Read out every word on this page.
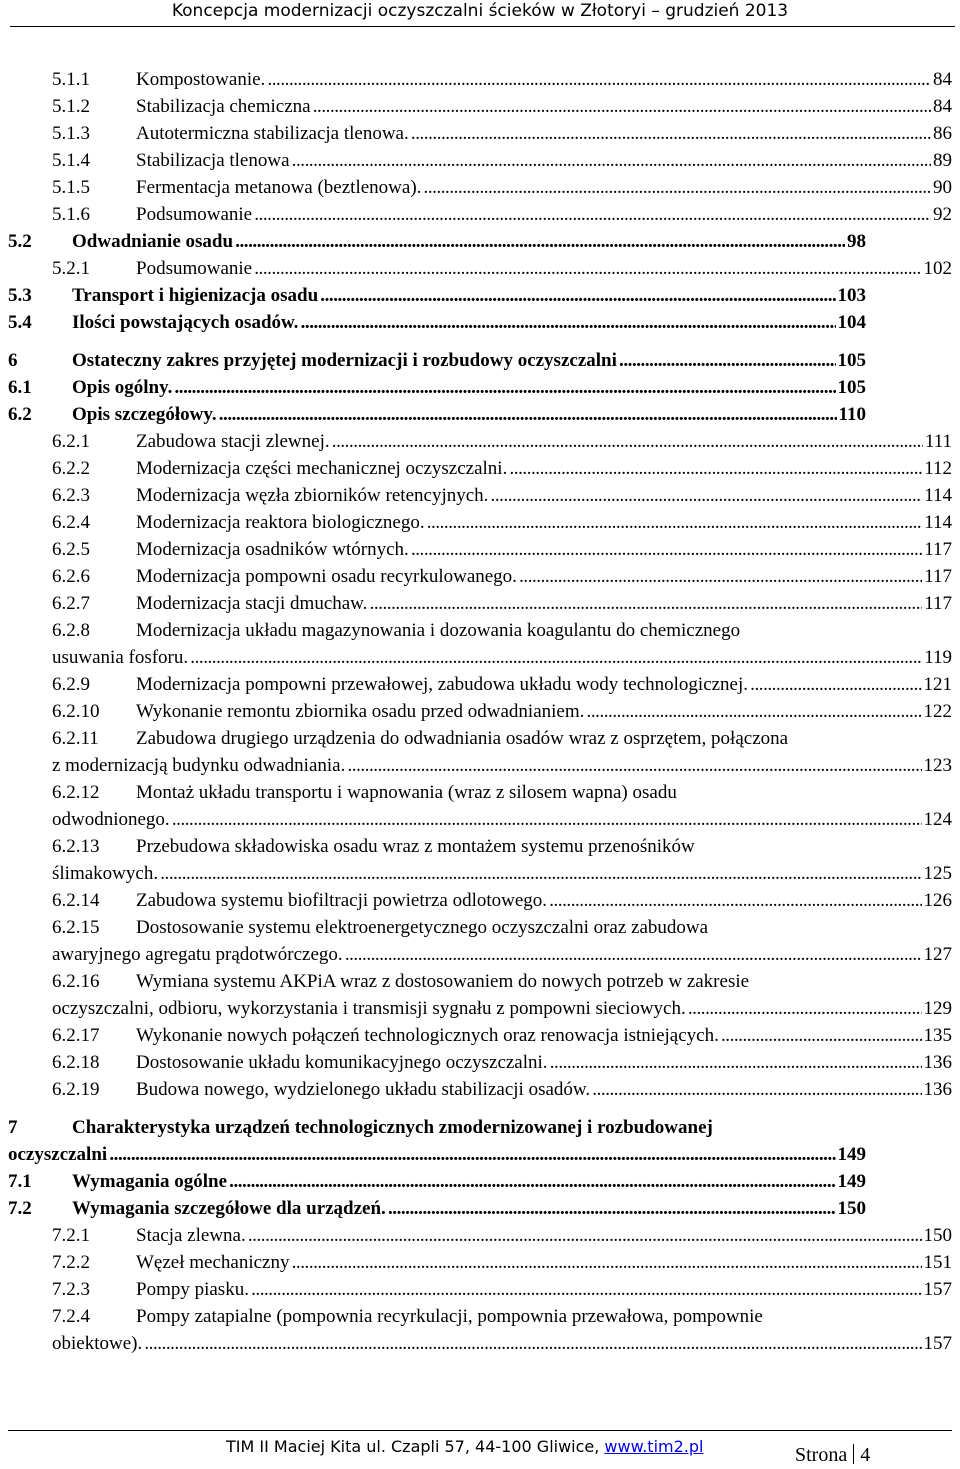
Koncepcja modernizacji oczyszczalni ścieków w Złotoryi – grudzień 2013
5.1.1 Kompostowanie. . . .	84
5.1.2 Stabilizacja chemiczna . . .	84
5.1.3 Autotermiczna stabilizacja tlenowa. . . .	86
5.1.4 Stabilizacja tlenowa . . .	89
5.1.5 Fermentacja metanowa (beztlenowa). . . .	90
5.1.6 Podsumowanie . . .	92
5.2 Odwadnianie osadu . . .	98
5.2.1 Podsumowanie . . .	102
5.3 Transport i higienizacja osadu . . .	103
5.4 Ilości powstających osadów. . . .	104
6	Ostateczny zakres przyjętej modernizacji i rozbudowy oczyszczalni . . .	105
6.1 Opis ogólny. . . .	105
6.2 Opis szczegółowy. . . .	110
6.2.1 Zabudowa stacji zlewnej. . . .	111
6.2.2 Modernizacja części mechanicznej oczyszczalni. . . .	112
6.2.3 Modernizacja węzła zbiorników retencyjnych. . . .	114
6.2.4 Modernizacja reaktora biologicznego. . . .	114
6.2.5 Modernizacja osadników wtórnych. . . .	117
6.2.6 Modernizacja pompowni osadu recyrkulowanego. . . .	117
6.2.7 Modernizacja stacji dmuchaw. . . .	117
6.2.8 Modernizacja układu magazynowania i dozowania koagulantu do chemicznego
usuwania fosforu. . . .	119
6.2.9 Modernizacja pompowni przewałowej, zabudowa układu wody technologicznej. . . .	121
6.2.10 Wykonanie remontu zbiornika osadu przed odwadnianiem. . . .	122
6.2.11 Zabudowa drugiego urządzenia do odwadniania osadów wraz z osprzętem, połączona
z modernizacją budynku odwadniania. . . .	123
6.2.12 Montaż układu transportu i wapnowania (wraz z silosem wapna) osadu
odwodnionego. . . .	124
6.2.13 Przebudowa składowiska osadu wraz z montażem systemu przenośników
ślimakowych. . . .	125
6.2.14 Zabudowa systemu biofiltracji powietrza odlotowego. . . .	126
6.2.15 Dostosowanie systemu elektroenergetycznego oczyszczalni oraz zabudowa
awaryjnego agregatu prądotwórczego. . . .	127
6.2.16 Wymiana systemu AKPiA wraz z dostosowaniem do nowych potrzeb w zakresie
oczyszczalni, odbioru, wykorzystania i transmisji sygnału z pompowni sieciowych. . . .	129
6.2.17 Wykonanie nowych połączeń technologicznych oraz renowacja istniejących. . . .	135
6.2.18 Dostosowanie układu komunikacyjnego oczyszczalni. . . .	136
6.2.19 Budowa nowego, wydzielonego układu stabilizacji osadów. . . .	136
7	Charakterystyka urządzeń technologicznych zmodernizowanej i rozbudowanej
oczyszczalni . . .	149
7.1 Wymagania ogólne . . .	149
7.2 Wymagania szczegółowe dla urządzeń. . . .	150
7.2.1 Stacja zlewna. . . .	150
7.2.2 Węzeł mechaniczny . . .	151
7.2.3 Pompy piasku. . . .	157
7.2.4 Pompy zatapialne (pompownia recyrkulacji, pompownia przewałowa, pompownie
obiektowe). . . .	157
TIM II Maciej Kita ul. Czapli 57, 44-100 Gliwice, www.tim2.pl	Strona 4
